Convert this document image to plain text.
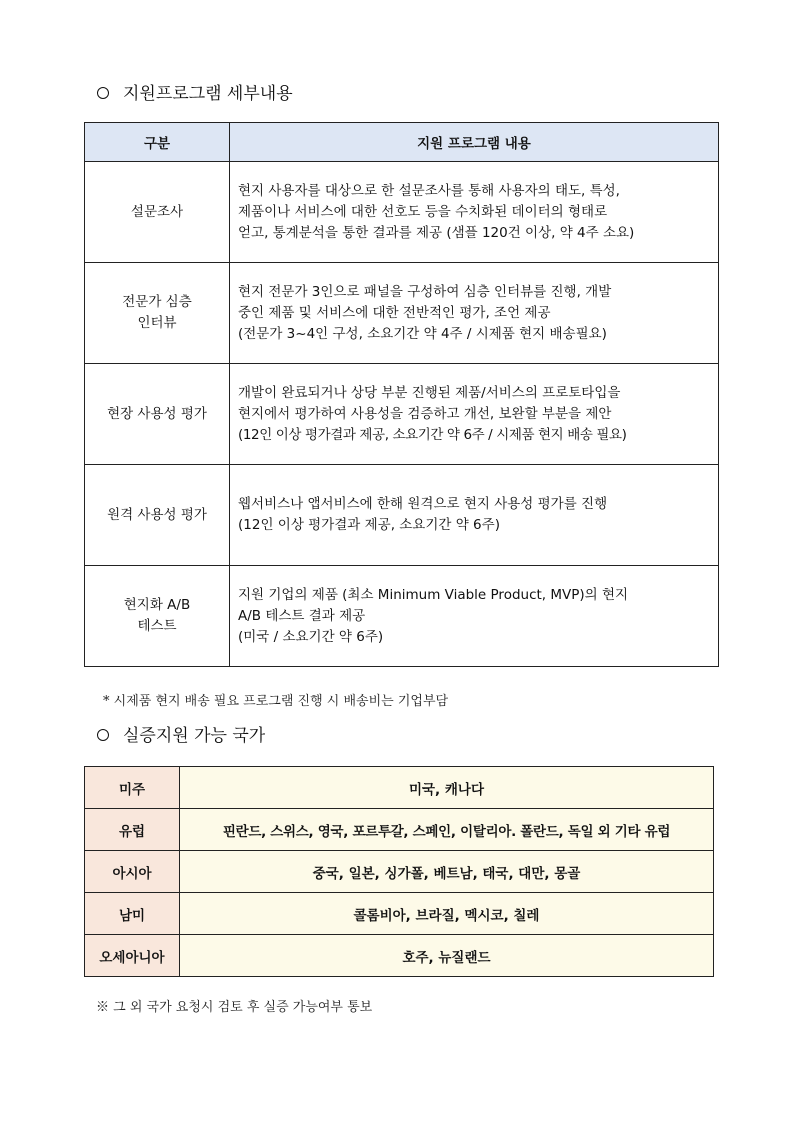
지원프로그램 세부내용
구분	지원 프로그램 내용

설문조사	현지 사용자를 대상으로 한 설문조사를 통해 사용자의 태도, 특성,
제품이나 서비스에 대한 선호도 등을 수치화된 데이터의 형태로
얻고, 통계분석을 통한 결과를 제공 (샘플 120건 이상, 약 4주 소요)

전문가 심층
인터뷰	현지 전문가 3인으로 패널을 구성하여 심층 인터뷰를 진행, 개발
중인 제품 및 서비스에 대한 전반적인 평가, 조언 제공
(전문가 3~4인 구성, 소요기간 약 4주 / 시제품 현지 배송필요)

현장 사용성 평가	개발이 완료되거나 상당 부분 진행된 제품/서비스의 프로토타입을
현지에서 평가하여 사용성을 검증하고 개선, 보완할 부분을 제안
(12인 이상 평가결과 제공, 소요기간 약 6주 / 시제품 현지 배송 필요)

원격 사용성 평가	웹서비스나 앱서비스에 한해 원격으로 현지 사용성 평가를 진행
(12인 이상 평가결과 제공, 소요기간 약 6주)

현지화 A/B
테스트	지원 기업의 제품 (최소 Minimum Viable Product, MVP)의 현지
A/B 테스트 결과 제공
(미국 / 소요기간 약 6주)
* 시제품 현지 배송 필요 프로그램 진행 시 배송비는 기업부담
실증지원 가능 국가
미주	미국, 캐나다
유럽	핀란드, 스위스, 영국, 포르투갈, 스페인, 이탈리아. 폴란드, 독일 외 기타 유럽
아시아	중국, 일본, 싱가폴, 베트남, 태국, 대만, 몽골
남미	콜롬비아, 브라질, 멕시코, 칠레
오세아니아	호주, 뉴질랜드
※ 그 외 국가 요청시 검토 후 실증 가능여부 통보
